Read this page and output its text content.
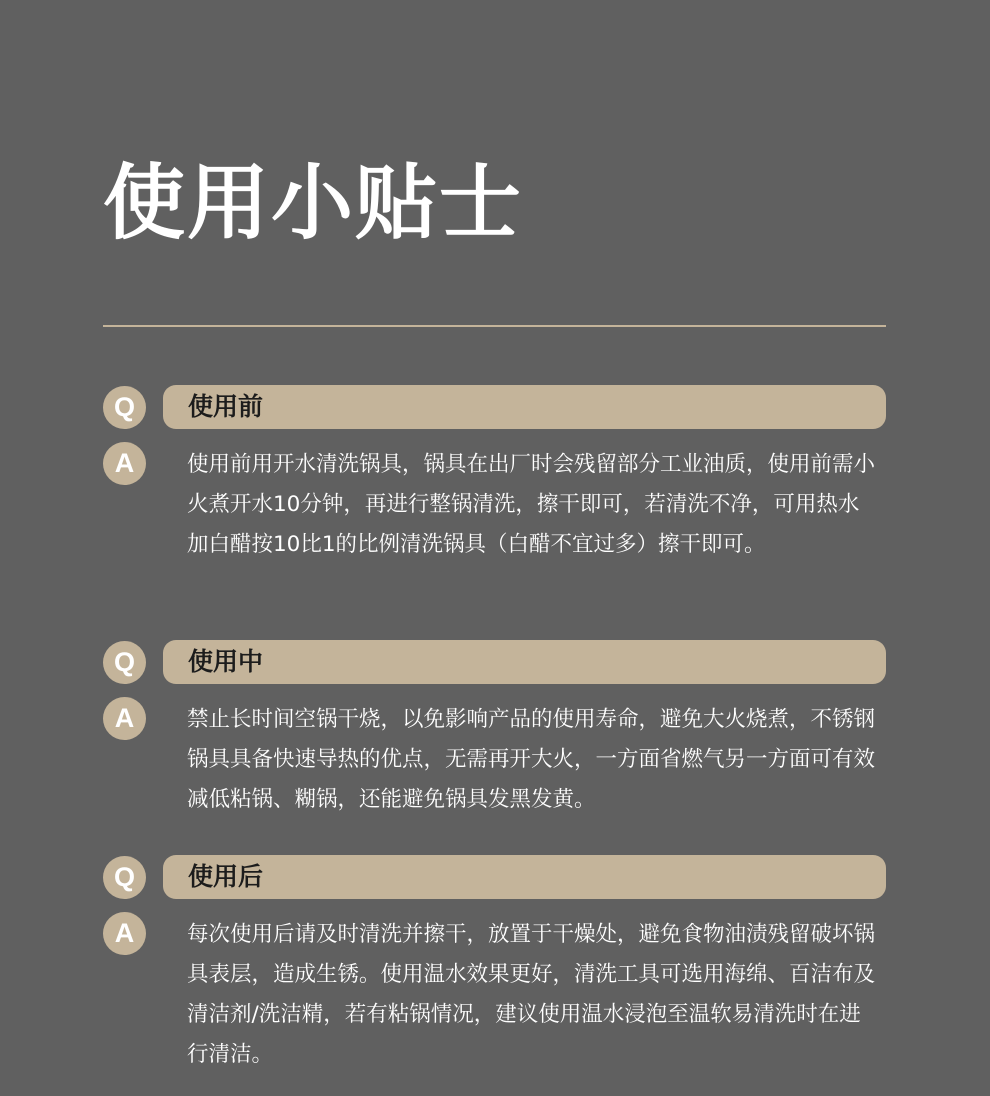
使用小贴士
Q	使用前
A	使用前用开水清洗锅具，锅具在出厂时会残留部分工业油质，使用前需小火煮开水10分钟，再进行整锅清洗，擦干即可，若清洗不净，可用热水加白醋按10比1的比例清洗锅具（白醋不宜过多）擦干即可。

Q	使用中
A	禁止长时间空锅干烧，以免影响产品的使用寿命，避免大火烧煮，不锈钢锅具具备快速导热的优点，无需再开大火，一方面省燃气另一方面可有效减低粘锅、糊锅，还能避免锅具发黑发黄。

Q	使用后
A	每次使用后请及时清洗并擦干，放置于干燥处，避免食物油渍残留破坏锅具表层，造成生锈。使用温水效果更好，清洗工具可选用海绵、百洁布及清洁剂/洗洁精，若有粘锅情况，建议使用温水浸泡至温软易清洗时在进行清洁。
